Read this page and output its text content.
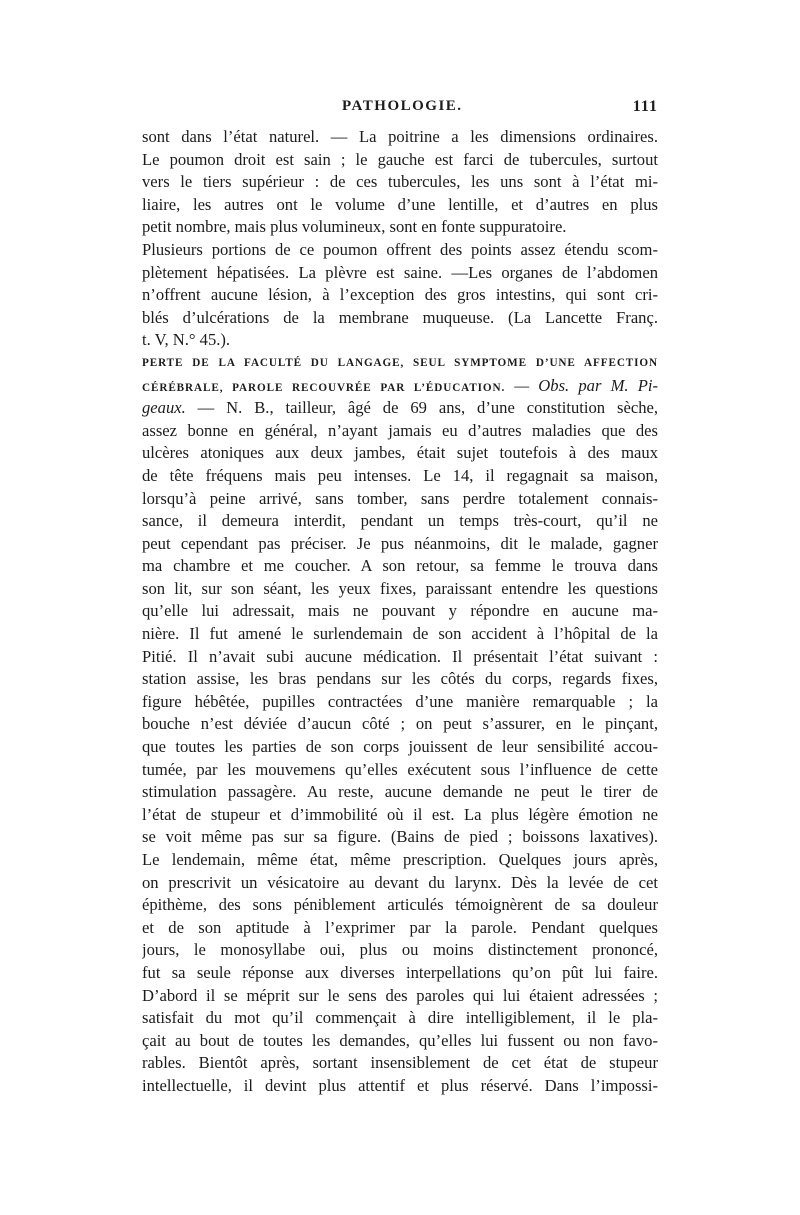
PATHOLOGIE.	111
sont dans l’état naturel. — La poitrine a les dimensions ordinaires.
Le poumon droit est sain ; le gauche est farci de tubercules, surtout
vers le tiers supérieur : de ces tubercules, les uns sont à l’état mi-
liaire, les autres ont le volume d’une lentille, et d’autres en plus
petit nombre, mais plus volumineux, sont en fonte suppuratoire.
Plusieurs portions de ce poumon offrent des points assez étendu scom-
plètement hépatisées. La plèvre est saine. —Les organes de l’abdomen
n’offrent aucune lésion, à l’exception des gros intestins, qui sont cri-
blés d’ulcérations de la membrane muqueuse. (La Lancette Franç.
t. V, N.° 45.).
PERTE DE LA FACULTÉ DU LANGAGE, SEUL SYMPTOME D’UNE AFFECTION
CÉRÉBRALE, PAROLE RECOUVRÉE PAR L’ÉDUCATION. — Obs. par M. Pi-
geaux. — N. B., tailleur, âgé de 69 ans, d’une constitution sèche,
assez bonne en général, n’ayant jamais eu d’autres maladies que des
ulcères atoniques aux deux jambes, était sujet toutefois à des maux
de tête fréquens mais peu intenses. Le 14, il regagnait sa maison,
lorsqu’à peine arrivé, sans tomber, sans perdre totalement connais-
sance, il demeura interdit, pendant un temps très-court, qu’il ne
peut cependant pas préciser. Je pus néanmoins, dit le malade, gagner
ma chambre et me coucher. A son retour, sa femme le trouva dans
son lit, sur son séant, les yeux fixes, paraissant entendre les questions
qu’elle lui adressait, mais ne pouvant y répondre en aucune ma-
nière. Il fut amené le surlendemain de son accident à l’hôpital de la
Pitié. Il n’avait subi aucune médication. Il présentait l’état suivant :
station assise, les bras pendans sur les côtés du corps, regards fixes,
figure hébêtée, pupilles contractées d’une manière remarquable ; la
bouche n’est déviée d’aucun côté ; on peut s’assurer, en le pinçant,
que toutes les parties de son corps jouissent de leur sensibilité accou-
tumée, par les mouvemens qu’elles exécutent sous l’influence de cette
stimulation passagère. Au reste, aucune demande ne peut le tirer de
l’état de stupeur et d’immobilité où il est. La plus légère émotion ne
se voit même pas sur sa figure. (Bains de pied ; boissons laxatives).
Le lendemain, même état, même prescription. Quelques jours après,
on prescrivit un vésicatoire au devant du larynx. Dès la levée de cet
épithème, des sons péniblement articulés témoignèrent de sa douleur
et de son aptitude à l’exprimer par la parole. Pendant quelques
jours, le monosyllabe oui, plus ou moins distinctement prononcé,
fut sa seule réponse aux diverses interpellations qu’on pût lui faire.
D’abord il se méprit sur le sens des paroles qui lui étaient adressées ;
satisfait du mot qu’il commençait à dire intelligiblement, il le pla-
çait au bout de toutes les demandes, qu’elles lui fussent ou non favo-
rables. Bientôt après, sortant insensiblement de cet état de stupeur
intellectuelle, il devint plus attentif et plus réservé. Dans l’impossi-
